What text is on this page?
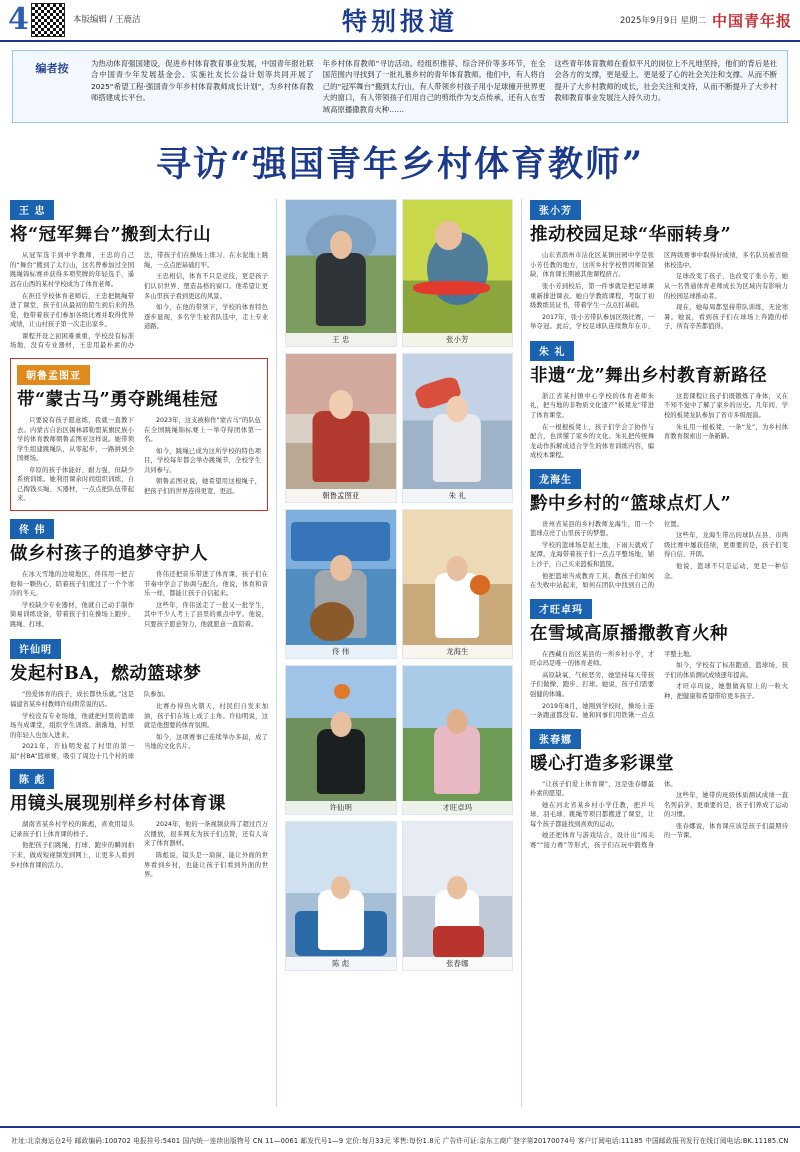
4	本版编辑 / 王鹿洁	特别报道	2025年9月9日 星期二 中国青年报
编者按	为热动体育强国建设，促进乡村体育教育事业发展，中国青年报社联合中国青少年发展基金会、实施社友长公益计划等共同开展了2025“希望工程·强国青少年乡村体育教师成长计划”，为乡村体育教师搭建成长平台。
年乡村体育教师”寻访活动。经组织推荐、综合评价等多环节，在全国范围内寻找到了一批礼慕乡村的青年体育教师。他们中，有人将自己的“冠军舞台”搬到太行山，有人带领乡村孩子用小足球撞开世界更大的窗口，有人带领孩子们用自己的剪纸作为支点传承，还有人在雪域高原播撒教育火种……
这些青年体育教师在看似平凡的岗位上不凡地坚持，他们的背后是社会各方的支撑，更是爱上、更是爱了心的社会关注和支撑。从而不断提升了大乡村教师的成长，社会关注和支持，从而不断提升了大乡村教师教育事业发展注入持久动力。
寻访“强国青年乡村体育教师”
王 忠
将“冠军舞台”搬到太行山

从冠军选手到中学教师，王忠的自己的“舞台”搬到了太行山，这名曾参加过全国跳绳锦标赛并获得多项奖牌的年轻选手，遥远在山西的某村学校成为了体育老师。

在担任学校体育老师后，王忠把跳绳带进了课堂，孩子们从最初的陌生到后来的热爱，他带着孩子们参加各级比赛并取得优异成绩，让山村孩子第一次走出家乡。

课程开设之初困难重重，学校没有标准场地，没有专业器材，王忠用最朴素的办法，带孩子们在操场上练习、在水泥地上跳绳，一点点把基础打牢。

王忠相信，体育不只是竞技，更是孩子们认识世界、塑造品格的窗口。他希望让更多山里孩子看到更远的风景。

如今，在他的带领下，学校的体育特色逐步显现，多名学生被省队选中，走上专业道路。

朝鲁孟图亚
带“蒙古马”勇夺跳绳桂冠

只要说有孩子愿意练，我就一直教下去。内蒙古自治区锡林郭勒盟某旗民族小学的体育教师朝鲁孟图亚这样说。她带领学生组建跳绳队，从零起步，一路拼到全国赛场。

草原的孩子体能好、耐力强，但缺少系统训练。她利用课余时间组织训练，自己掏钱买绳、买器材，一点点把队伍带起来。

2023年，这支被称作“蒙古马”的队伍在全国跳绳锦标赛上一举夺得团体第一名。

如今，跳绳已成为这所学校的特色项目，学校每年都会举办跳绳节，全校学生共同参与。

朝鲁孟图亚说，她希望用这根绳子，把孩子们的世界连得更宽、更远。

佟 伟
做乡村孩子的追梦守护人

在冰天雪地的边境地区，佟伟用一把吉他和一颗热心，陪着孩子们度过了一个个寒冷的冬天。

学校缺少专业器材，他就自己动手制作简易训练设备，带着孩子们在操场上跑步、跳绳、打球。

佟伟还把音乐带进了体育课，孩子们在节奏中学会了协调与配合。他说，体育和音乐一样，都能让孩子自信起来。

这些年，佟伟送走了一批又一批学生，其中不少人考上了县里的重点中学。他说，只要孩子愿意努力，他就愿意一直陪着。

许仙明
发起村BA，燃动篮球梦

“热爱体育的孩子，成长都快乐就。”这是福建省某乡村教师许仙明常说的话。

学校没有专业场地，他就把村里的篮球场当成课堂，组织学生训练。渐渐地，村里的年轻人也加入进来。

2021年，许仙明发起了村里的第一届“村BA”篮球赛，吸引了周边十几个村的球队参加。

比赛办得热火朝天，村民们自发来加油，孩子们在场上成了主角。许仙明说，这就是他想要的体育氛围。

如今，这项赛事已连续举办多届，成了当地的文化名片。

陈 彪
用镜头展现别样乡村体育课

湖南省某乡村学校的陈彪，喜欢用镜头记录孩子们上体育课的样子。

他把孩子们跳绳、打球、跑步的瞬间拍下来，做成短视频发到网上，让更多人看到乡村体育课的活力。

2024年，他的一条视频获得了超过百万次播放，很多网友为孩子们点赞，还有人寄来了体育器材。

陈彪说，镜头是一扇窗，能让外面的世界看到乡村，也能让孩子们看到外面的世界。

王 忠	张小芳
朝鲁孟图亚	朱 礼
佟 伟	龙海生
许仙明	才旺卓玛
陈 彪	张春娜
张小芳
推动校园足球“华丽转身”

山东省滨州市沾化区某镇田园中学是张小芳任教的地方，这所乡村学校曾因师资紧缺，体育课长期被其他课程挤占。

张小芳到校后，第一件事就是把足球课重新排进课表。她自学教练课程，考取了初级教练员证书，带着学生一点点打基础。

2017年，张小芳带队参加区级比赛，一举夺冠。此后，学校足球队连续数年在市、区两级赛事中取得好成绩，多名队员被省级体校选中。

足球改变了孩子，也改变了张小芳，她从一名普通体育老师成长为区域内有影响力的校园足球推动者。

现在，她每周都坚持带队训练，无论寒暑。她说，看到孩子们在球场上奔跑的样子，所有辛苦都值得。

朱 礼
非遗“龙”舞出乡村教育新路径

浙江省某村镇中心学校的体育老师朱礼，把当地的非物质文化遗产“板凳龙”带进了体育课堂。

在一根根板凳上，孩子们学会了协作与配合，也读懂了家乡的文化。朱礼把传统舞龙动作拆解成适合学生的体育训练内容，编成校本课程。

这套课程让孩子们既锻炼了身体，又在不知不觉中了解了家乡的历史。几年间，学校的板凳龙队参加了省市多级展演。

朱礼用一根板凳、一条“龙”，为乡村体育教育探索出一条新路。

龙海生
黔中乡村的“篮球点灯人”

贵州省某县的乡村教师龙海生，用一个篮球点亮了山里孩子的梦想。

学校的篮球场是泥土地，下雨天就成了泥潭。龙海带着孩子们一点点平整场地，铺上沙子，自己买来篮板和篮筐。

他把篮球当成教育工具，教孩子们如何在失败中站起来，如何在团队中找到自己的位置。

这些年，龙海生带出的球队在县、市两级比赛中屡获佳绩，更重要的是，孩子们变得自信、开朗。

他说，篮球不只是运动，更是一种信念。

才旺卓玛
在雪域高原播撒教育火种

在西藏自治区某县的一所乡村小学，才旺卓玛是唯一的体育老师。

高原缺氧、气候恶劣，她坚持每天带孩子们做操、跑步、打球。她说，孩子们需要强健的体魄。

2019年8月，她刚到学校时，操场上连一条跑道都没有。她和同事们用铁锹一点点平整土地。

如今，学校有了标准跑道、篮球场，孩子们的体质测试成绩逐年提高。

才旺卓玛说，她想做高原上的一粒火种，把健康和希望带给更多孩子。

张春娜
暖心打造多彩课堂

“让孩子们爱上体育课”，这是张春娜最朴素的愿望。

她在河北省某乡村小学任教，把乒乓球、羽毛球、跳绳等项目都搬进了课堂，让每个孩子都能找到喜欢的运动。

她还把体育与游戏结合，设计出“闯关赛”“接力赛”等形式，孩子们在玩中锻炼身体。

这些年，她带的班级体质测试成绩一直名列前茅，更重要的是，孩子们养成了运动的习惯。

张春娜说，体育课应该是孩子们最期待的一节课。

社址:北京海运仓2号 邮政编码:100702 电报挂号:5401 国内统一连续出版物号 CN 11—0061 邮发代号1—9 定价:每月33元 零售:每份1.8元 广告许可证:京东工商广登字第20170074号 客户订阅电话:11185 中国邮政报刊发行在线订阅电话:BK.11185.CN
